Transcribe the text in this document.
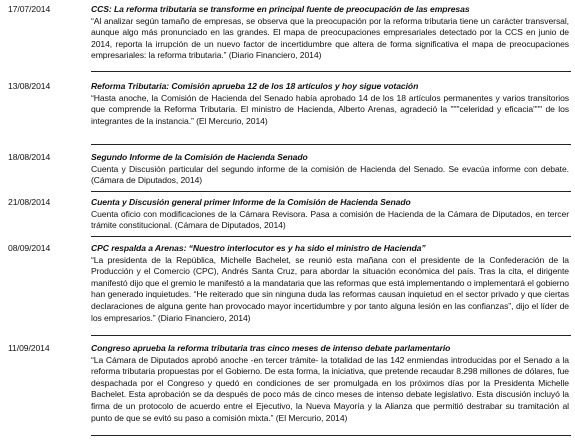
17/07/2014	CCS: La reforma tributaria se transforme en principal fuente de preocupación de las empresas
“Al analizar según tamaño de empresas, se observa que la preocupación por la reforma tributaria tiene un carácter transversal, aunque algo más pronunciado en las grandes. El mapa de preocupaciones empresariales detectado por la CCS en junio de 2014, reporta la irrupción de un nuevo factor de incertidumbre que altera de forma significativa el mapa de preocupaciones empresariales: la reforma tributaria.” (Diario Financiero, 2014)
13/08/2014	Reforma Tributaria: Comisión aprueba 12 de los 18 artículos y hoy sigue votación
“Hasta anoche, la Comisión de Hacienda del Senado había aprobado 14 de los 18 artículos permanentes y varios transitorios que comprende la Reforma Tributaria. El ministro de Hacienda, Alberto Arenas, agradeció la """celeridad y eficacia""" de los integrantes de la instancia.” (El Mercurio, 2014)
18/08/2014	Segundo Informe de la Comisión de Hacienda Senado
Cuenta y Discusión particular del segundo informe de la comisión de Hacienda del Senado. Se evacúa informe con debate. (Cámara de Diputados, 2014)
21/08/2014	Cuenta y Discusión general primer Informe de la Comisión de Hacienda Senado
Cuenta oficio con modificaciones de la Cámara Revisora. Pasa a comisión de Hacienda de la Cámara de Diputados, en tercer trámite constitucional. (Cámara de Diputados, 2014)
08/09/2014	CPC respalda a Arenas: “Nuestro interlocutor es y ha sido el ministro de Hacienda”
“La presidenta de la República, Michelle Bachelet, se reunió esta mañana con el presidente de la Confederación de la Producción y el Comercio (CPC), Andrés Santa Cruz, para abordar la situación económica del país. Tras la cita, el dirigente manifestó dijo que el gremio le manifestó a la mandataria que las reformas que está implementando o implementará el gobierno han generado inquietudes. “He reiterado que sin ninguna duda las reformas causan inquietud en el sector privado y que ciertas declaraciones de alguna gente han provocado mayor incertidumbre y por tanto alguna lesión en las confianzas”, dijo el líder de los empresarios.” (Diario Financiero, 2014)
11/09/2014	Congreso aprueba la reforma tributaria tras cinco meses de intenso debate parlamentario
“La Cámara de Diputados aprobó anoche -en tercer trámite- la totalidad de las 142 enmiendas introducidas por el Senado a la reforma tributaria propuestas por el Gobierno. De esta forma, la iniciativa, que pretende recaudar 8.298 millones de dólares, fue despachada por el Congreso y quedó en condiciones de ser promulgada en los próximos días por la Presidenta Michelle Bachelet. Esta aprobación se da después de poco más de cinco meses de intenso debate legislativo. Esta discusión incluyó la firma de un protocolo de acuerdo entre el Ejecutivo, la Nueva Mayoría y la Alianza que permitió destrabar su tramitación al punto de que se evitó su paso a comisión mixta.” (El Mercurio, 2014)
